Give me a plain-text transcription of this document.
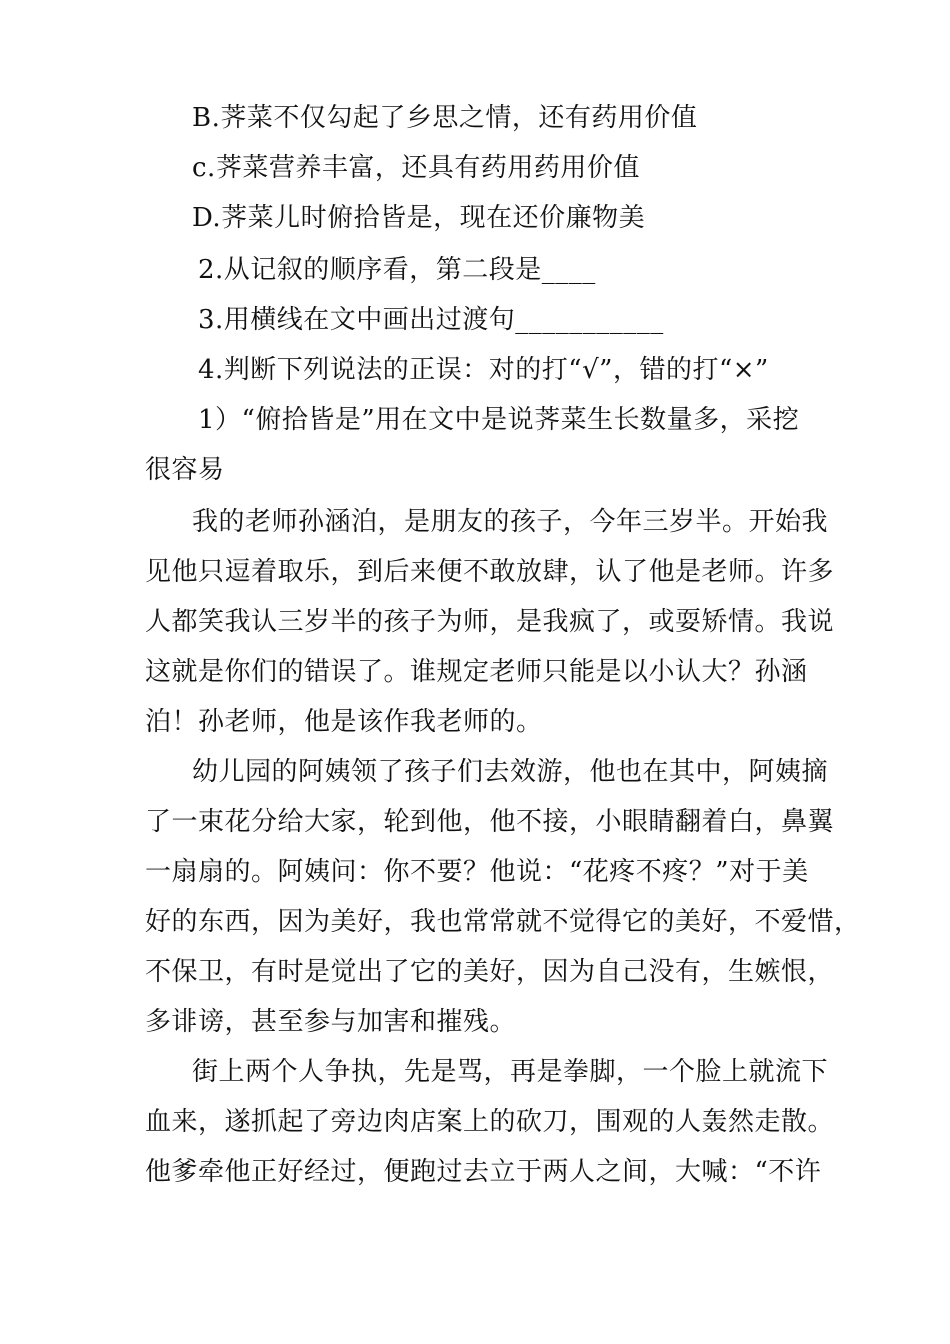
B.荠菜不仅勾起了乡思之情，还有药用价值
c.荠菜营养丰富，还具有药用药用价值
D.荠菜儿时俯拾皆是，现在还价廉物美
2.从记叙的顺序看，第二段是____
3.用横线在文中画出过渡句___________
4.判断下列说法的正误：对的打“√”，错的打“×”
1）“俯拾皆是”用在文中是说荠菜生长数量多，采挖
很容易
我的老师孙涵泊，是朋友的孩子，今年三岁半。开始我
见他只逗着取乐，到后来便不敢放肆，认了他是老师。许多
人都笑我认三岁半的孩子为师，是我疯了，或耍矫情。我说
这就是你们的错误了。谁规定老师只能是以小认大？孙涵
泊！孙老师，他是该作我老师的。
幼儿园的阿姨领了孩子们去效游，他也在其中，阿姨摘
了一束花分给大家，轮到他，他不接，小眼睛翻着白，鼻翼
一扇扇的。阿姨问：你不要？他说：“花疼不疼？”对于美
好的东西，因为美好，我也常常就不觉得它的美好，不爱惜，
不保卫，有时是觉出了它的美好，因为自己没有，生嫉恨，
多诽谤，甚至参与加害和摧残。
街上两个人争执，先是骂，再是拳脚，一个脸上就流下
血来，遂抓起了旁边肉店案上的砍刀，围观的人轰然走散。
他爹牵他正好经过，便跑过去立于两人之间，大喊：“不许
